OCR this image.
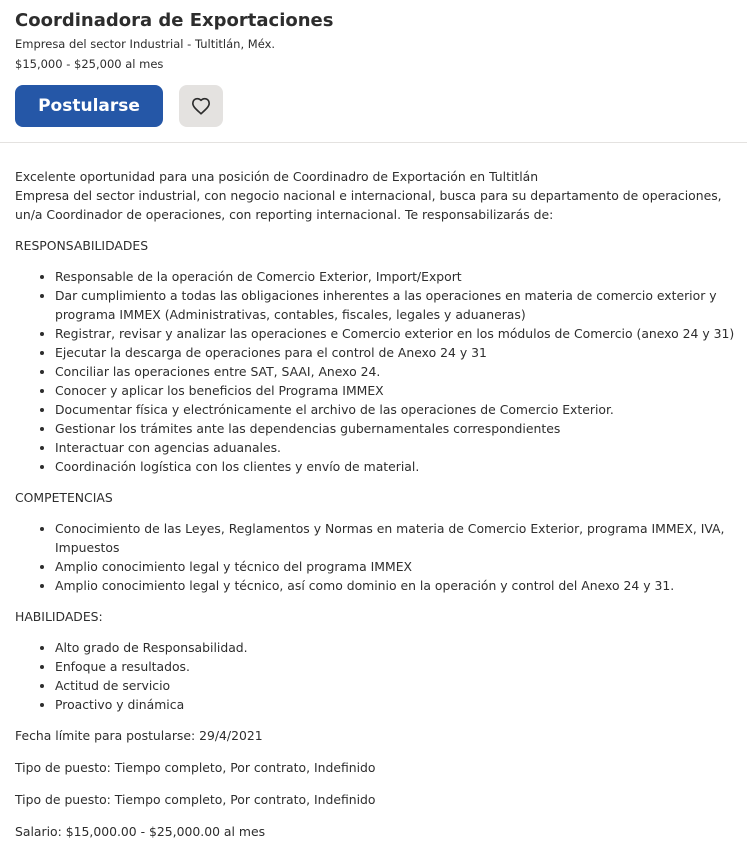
Coordinadora de Exportaciones
Empresa del sector Industrial - Tultitlán, Méx.
$15,000 - $25,000 al mes
Postularse

Excelente oportunidad para una posición de Coordinadro de Exportación en Tultitlán

Empresa del sector industrial, con negocio nacional e internacional, busca para su departamento de operaciones, un/a Coordinador de operaciones, con reporting internacional. Te responsabilizarás de:

RESPONSABILIDADES

• Responsable de la operación de Comercio Exterior, Import/Export
• Dar cumplimiento a todas las obligaciones inherentes a las operaciones en materia de comercio exterior y programa IMMEX (Administrativas, contables, fiscales, legales y aduaneras)
• Registrar, revisar y analizar las operaciones e Comercio exterior en los módulos de Comercio (anexo 24 y 31)
• Ejecutar la descarga de operaciones para el control de Anexo 24 y 31
• Conciliar las operaciones entre SAT, SAAI, Anexo 24.
• Conocer y aplicar los beneficios del Programa IMMEX
• Documentar física y electrónicamente el archivo de las operaciones de Comercio Exterior.
• Gestionar los trámites ante las dependencias gubernamentales correspondientes
• Interactuar con agencias aduanales.
• Coordinación logística con los clientes y envío de material.

COMPETENCIAS

• Conocimiento de las Leyes, Reglamentos y Normas en materia de Comercio Exterior, programa IMMEX, IVA, Impuestos
• Amplio conocimiento legal y técnico del programa IMMEX
• Amplio conocimiento legal y técnico, así como dominio en la operación y control del Anexo 24 y 31.

HABILIDADES:

• Alto grado de Responsabilidad.
• Enfoque a resultados.
• Actitud de servicio
• Proactivo y dinámica

Fecha límite para postularse: 29/4/2021

Tipo de puesto: Tiempo completo, Por contrato, Indefinido

Tipo de puesto: Tiempo completo, Por contrato, Indefinido

Salario: $15,000.00 - $25,000.00 al mes
